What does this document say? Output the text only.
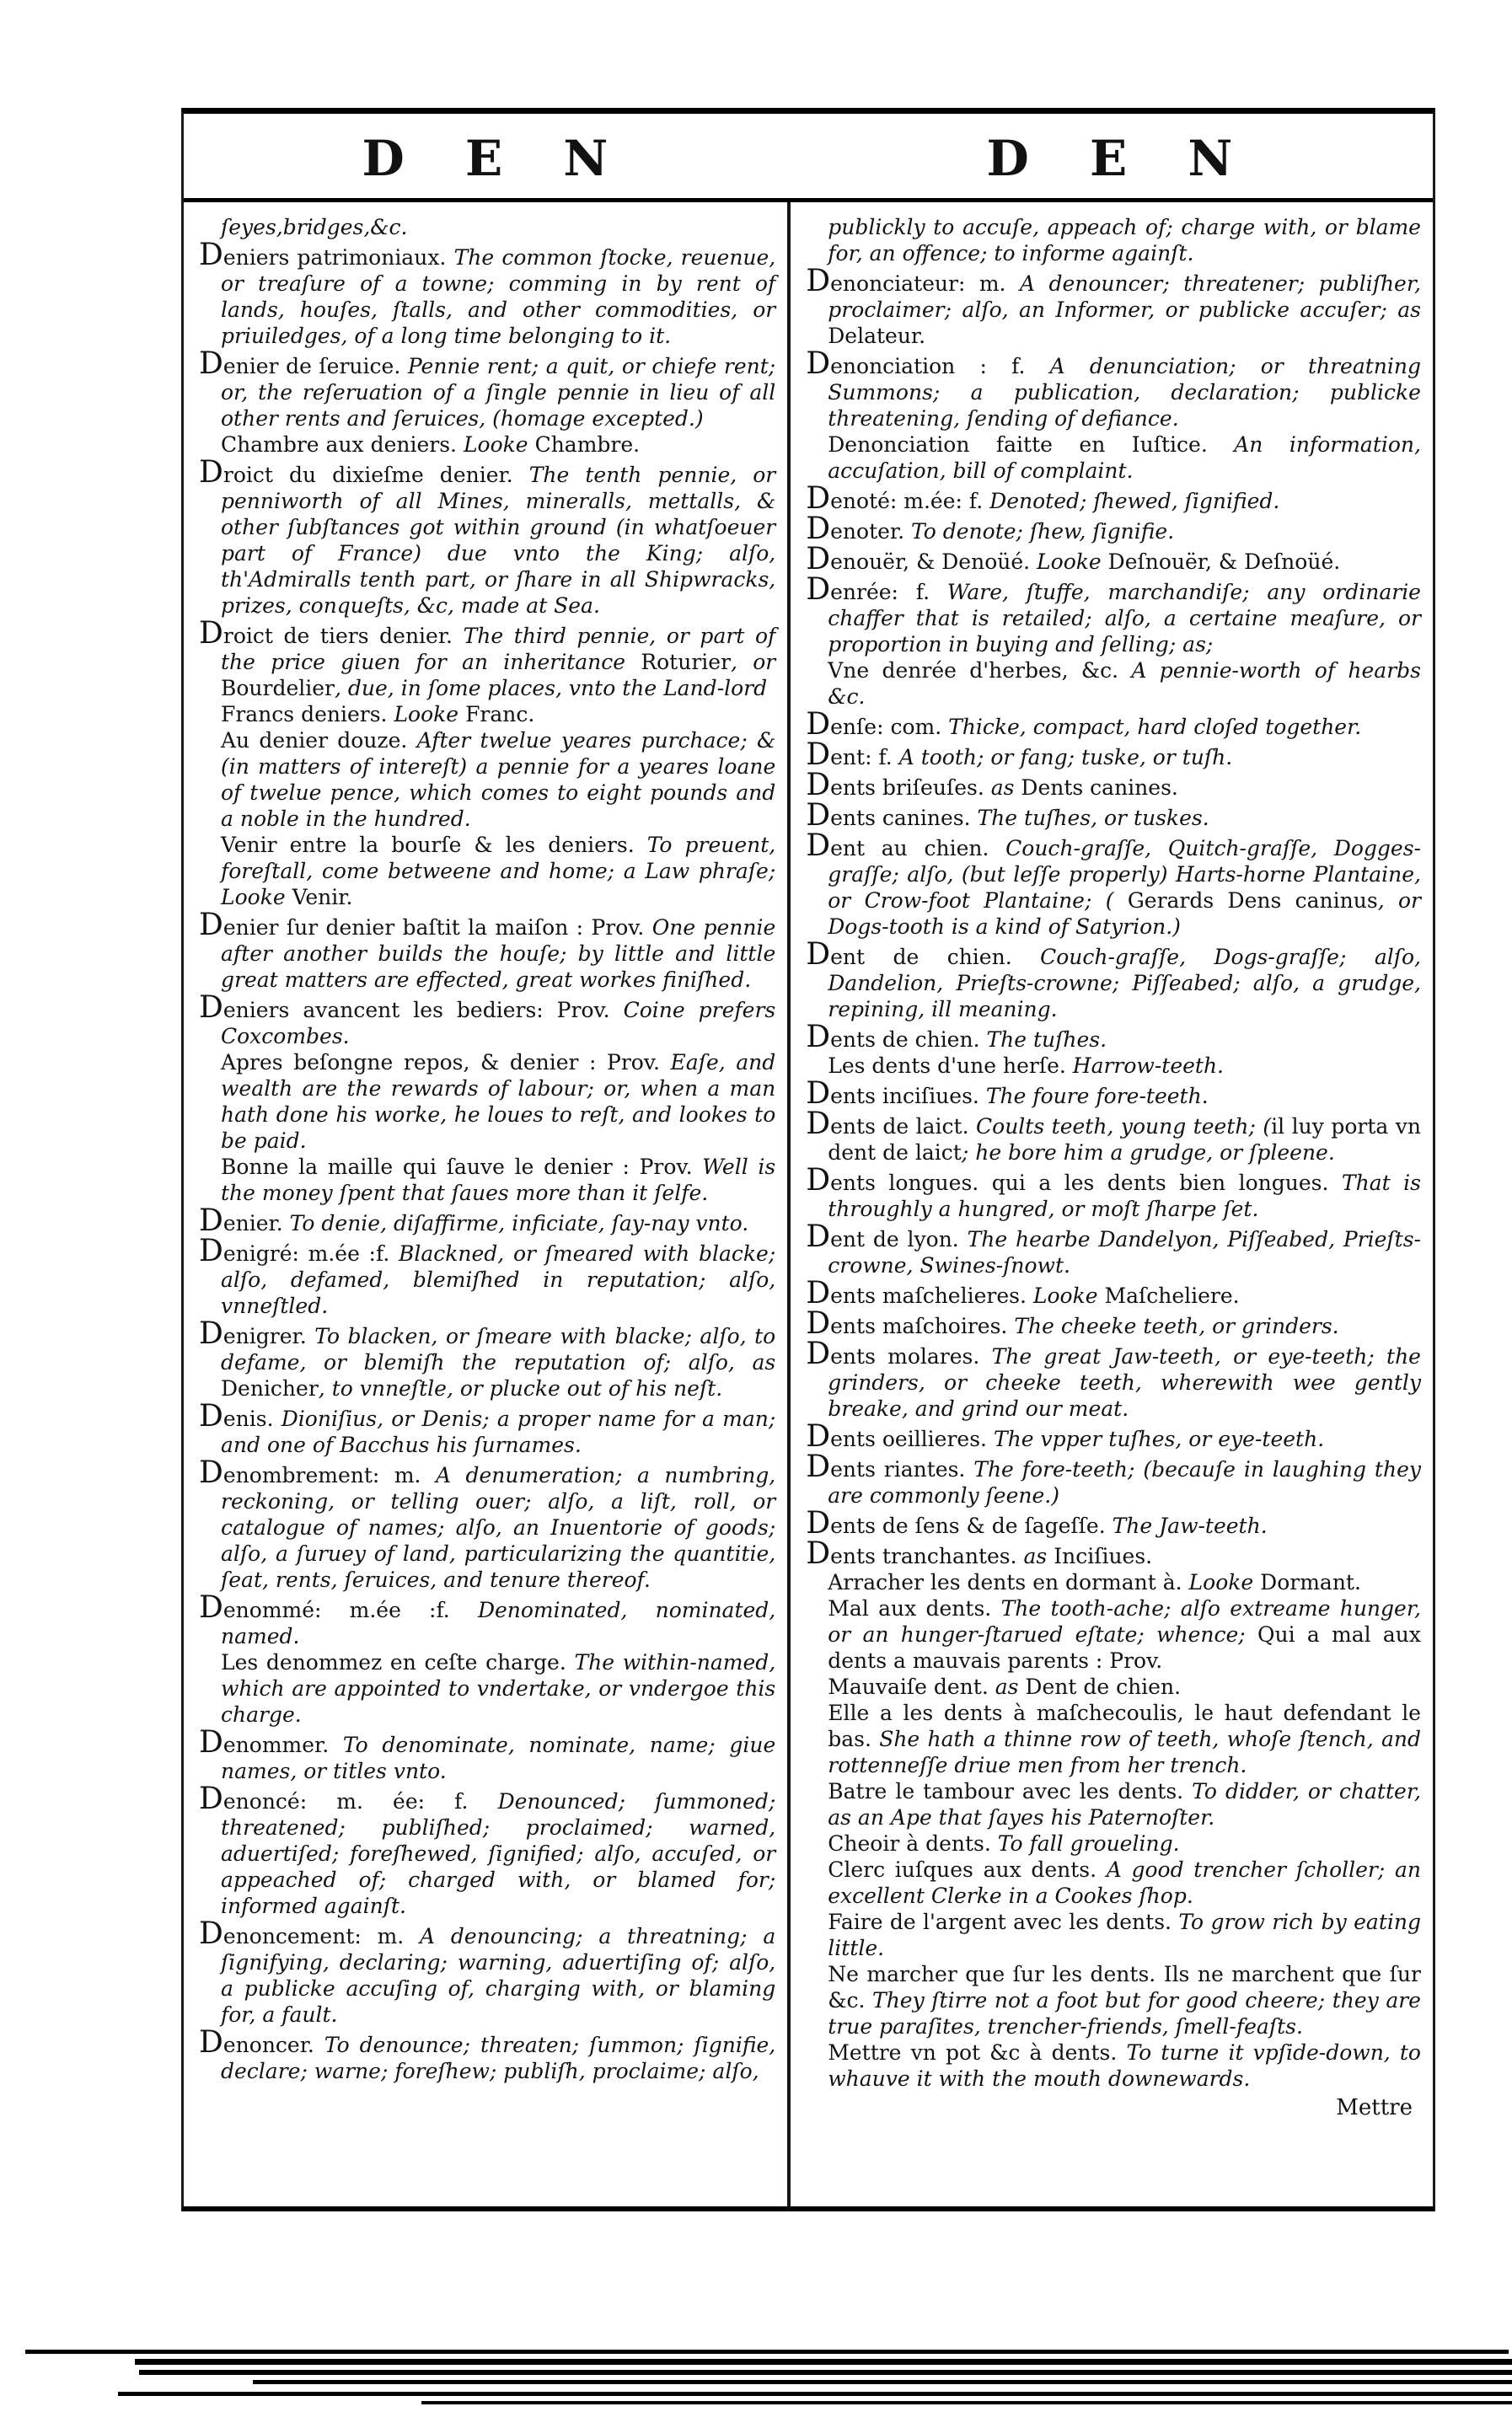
D E N	D E N

ſeyes,bridges,&c.

Deniers patrimoniaux. The common ſtocke, reuenue, or treaſure of a towne; comming in by rent of lands, houſes, ſtalls, and other commodities, or priuiledges, of a long time belonging to it.

Denier de ſeruice. Pennie rent; a quit, or chiefe rent; or, the reſeruation of a ſingle pennie in lieu of all other rents and ſeruices, (homage excepted.)

Chambre aux deniers. Looke Chambre.

Droict du dixieſme denier. The tenth pennie, or penniworth of all Mines, mineralls, mettalls, & other ſubſtances got within ground (in whatſoeuer part of France) due vnto the King; alſo, th'Admiralls tenth part, or ſhare in all Shipwracks, prizes, conqueſts, &c, made at Sea.

Droict de tiers denier. The third pennie, or part of the price giuen for an inheritance Roturier, or Bourdelier, due, in ſome places, vnto the Land-lord

Francs deniers. Looke Franc.

Au denier douze. After twelue yeares purchace; & (in matters of intereſt) a pennie for a yeares loane of twelue pence, which comes to eight pounds and a noble in the hundred.

Venir entre la bourſe & les deniers. To preuent, foreſtall, come betweene and home; a Law phraſe; Looke Venir.

Denier ſur denier baſtit la maiſon : Prov. One pennie after another builds the houſe; by little and little great matters are effected, great workes finiſhed.

Deniers avancent les bediers: Prov. Coine prefers Coxcombes.

Apres beſongne repos, & denier : Prov. Eaſe, and wealth are the rewards of labour; or, when a man hath done his worke, he loues to reſt, and lookes to be paid.

Bonne la maille qui ſauve le denier : Prov. Well is the money ſpent that ſaues more than it ſelfe.

Denier. To denie, diſaffirme, inficiate, ſay-nay vnto.

Denigré: m.ée :f. Blackned, or ſmeared with blacke; alſo, defamed, blemiſhed in reputation; alſo, vnneſtled.

Denigrer. To blacken, or ſmeare with blacke; alſo, to defame, or blemiſh the reputation of; alſo, as Denicher, to vnneſtle, or plucke out of his neſt.

Denis. Dioniſius, or Denis; a proper name for a man; and one of Bacchus his ſurnames.

Denombrement: m. A denumeration; a numbring, reckoning, or telling ouer; alſo, a liſt, roll, or catalogue of names; alſo, an Inuentorie of goods; alſo, a ſuruey of land, particularizing the quantitie, ſeat, rents, ſeruices, and tenure thereof.

Denommé: m.ée :f. Denominated, nominated, named.

Les denommez en ceſte charge. The within-named, which are appointed to vndertake, or vndergoe this charge.

Denommer. To denominate, nominate, name; giue names, or titles vnto.

Denoncé: m. ée: f. Denounced; ſummoned; threatened; publiſhed; proclaimed; warned, aduertiſed; foreſhewed, ſignified; alſo, accuſed, or appeached of; charged with, or blamed for; informed againſt.

Denoncement: m. A denouncing; a threatning; a ſignifying, declaring; warning, aduertiſing of; alſo, a publicke accuſing of, charging with, or blaming for, a fault.

Denoncer. To denounce; threaten; ſummon; ſignifie, declare; warne; foreſhew; publiſh, proclaime; alſo,

publickly to accuſe, appeach of; charge with, or blame for, an offence; to informe againſt.

Denonciateur: m. A denouncer; threatener; publiſher, proclaimer; alſo, an Informer, or publicke accuſer; as Delateur.

Denonciation : f. A denunciation; or threatning Summons; a publication, declaration; publicke threatening, ſending of defiance.

Denonciation faitte en Iuſtice. An information, accuſation, bill of complaint.

Denoté: m.ée: f. Denoted; ſhewed, ſignified.

Denoter. To denote; ſhew, ſignifie.

Denouër, & Denoüé. Looke Deſnouër, & Deſnoüé.

Denrée: f. Ware, ſtuffe, marchandiſe; any ordinarie chaffer that is retailed; alſo, a certaine meaſure, or proportion in buying and ſelling; as;

Vne denrée d'herbes, &c. A pennie-worth of hearbs &c.

Denſe: com. Thicke, compact, hard cloſed together.

Dent: f. A tooth; or fang; tuske, or tuſh.

Dents briſeuſes. as Dents canines.

Dents canines. The tuſhes, or tuskes.

Dent au chien. Couch-graſſe, Quitch-graſſe, Dogges-graſſe; alſo, (but leſſe properly) Harts-horne Plantaine, or Crow-foot Plantaine; ( Gerards Dens caninus, or Dogs-tooth is a kind of Satyrion.)

Dent de chien. Couch-graſſe, Dogs-graſſe; alſo, Dandelion, Prieſts-crowne; Piſſeabed; alſo, a grudge, repining, ill meaning.

Dents de chien. The tuſhes.

Les dents d'une herſe. Harrow-teeth.

Dents inciſiues. The foure fore-teeth.

Dents de laict. Coults teeth, young teeth; (il luy porta vn dent de laict; he bore him a grudge, or ſpleene.

Dents longues. qui a les dents bien longues. That is throughly a hungred, or moſt ſharpe ſet.

Dent de lyon. The hearbe Dandelyon, Piſſeabed, Prieſts-crowne, Swines-ſnowt.

Dents maſchelieres. Looke Maſcheliere.

Dents maſchoires. The cheeke teeth, or grinders.

Dents molares. The great Jaw-teeth, or eye-teeth; the grinders, or cheeke teeth, wherewith wee gently breake, and grind our meat.

Dents oeillieres. The vpper tuſhes, or eye-teeth.

Dents riantes. The fore-teeth; (becauſe in laughing they are commonly ſeene.)

Dents de ſens & de ſageſſe. The Jaw-teeth.

Dents tranchantes. as Inciſiues.

Arracher les dents en dormant à. Looke Dormant.

Mal aux dents. The tooth-ache; alſo extreame hunger, or an hunger-ſtarued eſtate; whence; Qui a mal aux dents a mauvais parents : Prov.

Mauvaiſe dent. as Dent de chien.

Elle a les dents à maſchecoulis, le haut defendant le bas. She hath a thinne row of teeth, whoſe ſtench, and rottenneſſe driue men from her trench.

Batre le tambour avec les dents. To didder, or chatter, as an Ape that ſayes his Paternoſter.

Cheoir à dents. To fall groueling.

Clerc iuſques aux dents. A good trencher ſcholler; an excellent Clerke in a Cookes ſhop.

Faire de l'argent avec les dents. To grow rich by eating little.

Ne marcher que ſur les dents. Ils ne marchent que ſur &c. They ſtirre not a foot but for good cheere; they are true paraſites, trencher-friends, ſmell-feaſts.

Mettre vn pot &c à dents. To turne it vpſide-down, to whauve it with the mouth downewards.

Mettre
